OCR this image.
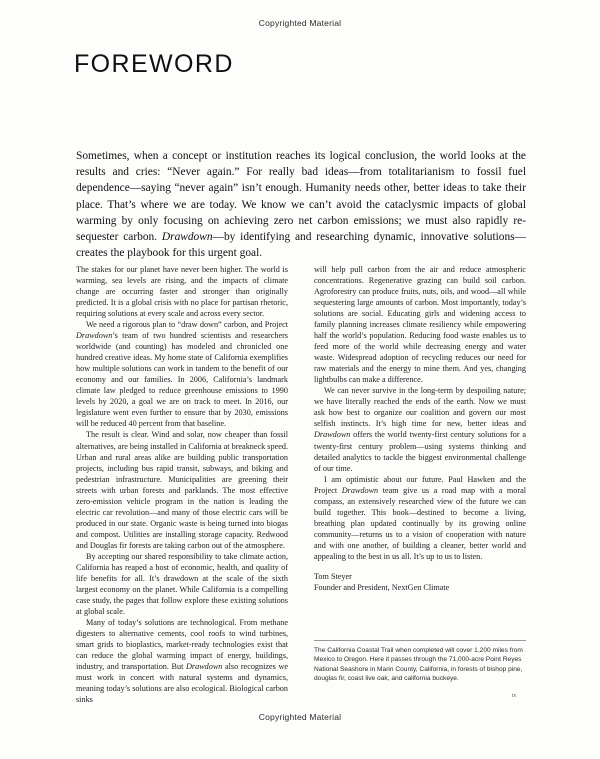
Copyrighted Material
FOREWORD
Sometimes, when a concept or institution reaches its logical conclusion, the world looks at the results and cries: “Never again.” For really bad ideas—from totalitarianism to fossil fuel dependence—saying “never again” isn’t enough. Humanity needs other, better ideas to take their place. That’s where we are today. We know we can’t avoid the cataclysmic impacts of global warming by only focusing on achieving zero net carbon emissions; we must also rapidly re-sequester carbon. Drawdown—by identifying and researching dynamic, innovative solutions—creates the playbook for this urgent goal.

The stakes for our planet have never been higher. The world is warming, sea levels are rising, and the impacts of climate change are occurring faster and stronger than originally predicted. It is a global crisis with no place for partisan rhetoric, requiring solutions at every scale and across every sector.

We need a rigorous plan to “draw down” carbon, and Project Drawdown’s team of two hundred scientists and researchers worldwide (and counting) has modeled and chronicled one hundred creative ideas. My home state of California exemplifies how multiple solutions can work in tandem to the benefit of our economy and our families. In 2006, California’s landmark climate law pledged to reduce greenhouse emissions to 1990 levels by 2020, a goal we are on track to meet. In 2016, our legislature went even further to ensure that by 2030, emissions will be reduced 40 percent from that baseline.

The result is clear. Wind and solar, now cheaper than fossil alternatives, are being installed in California at breakneck speed. Urban and rural areas alike are building public transportation projects, including bus rapid transit, subways, and biking and pedestrian infrastructure. Municipalities are greening their streets with urban forests and parklands. The most effective zero-emission vehicle program in the nation is leading the electric car revolution—and many of those electric cars will be produced in our state. Organic waste is being turned into biogas and compost. Utilities are installing storage capacity. Redwood and Douglas fir forests are taking carbon out of the atmosphere.

By accepting our shared responsibility to take climate action, California has reaped a host of economic, health, and quality of life benefits for all. It’s drawdown at the scale of the sixth largest economy on the planet. While California is a compelling case study, the pages that follow explore these existing solutions at global scale.

Many of today’s solutions are technological. From methane digesters to alternative cements, cool roofs to wind turbines, smart grids to bioplastics, market-ready technologies exist that can reduce the global warming impact of energy, buildings, industry, and transportation. But Drawdown also recognizes we must work in concert with natural systems and dynamics, meaning today’s solutions are also ecological. Biological carbon sinks

will help pull carbon from the air and reduce atmospheric concentrations. Regenerative grazing can build soil carbon. Agroforestry can produce fruits, nuts, oils, and wood—all while sequestering large amounts of carbon. Most importantly, today’s solutions are social. Educating girls and widening access to family planning increases climate resiliency while empowering half the world’s population. Reducing food waste enables us to feed more of the world while decreasing energy and water waste. Widespread adoption of recycling reduces our need for raw materials and the energy to mine them. And yes, changing lightbulbs can make a difference.

We can never survive in the long-term by despoiling nature; we have literally reached the ends of the earth. Now we must ask how best to organize our coalition and govern our most selfish instincts. It’s high time for new, better ideas and Drawdown offers the world twenty-first century solutions for a twenty-first century problem—using systems thinking and detailed analytics to tackle the biggest environmental challenge of our time.

I am optimistic about our future. Paul Hawken and the Project Drawdown team give us a road map with a moral compass, an extensively researched view of the future we can build together. This book—destined to become a living, breathing plan updated continually by its growing online community—returns us to a vision of cooperation with nature and with one another, of building a cleaner, better world and appealing to the best in us all. It’s up to us to listen.

Tom Steyer

Founder and President, NextGen Climate

The California Coastal Trail when completed will cover 1,200 miles from Mexico to Oregon. Here it passes through the 71,000-acre Point Reyes National Seashore in Marin County, California, in forests of bishop pine, douglas fir, coast live oak, and california buckeye.
ix
Copyrighted Material
